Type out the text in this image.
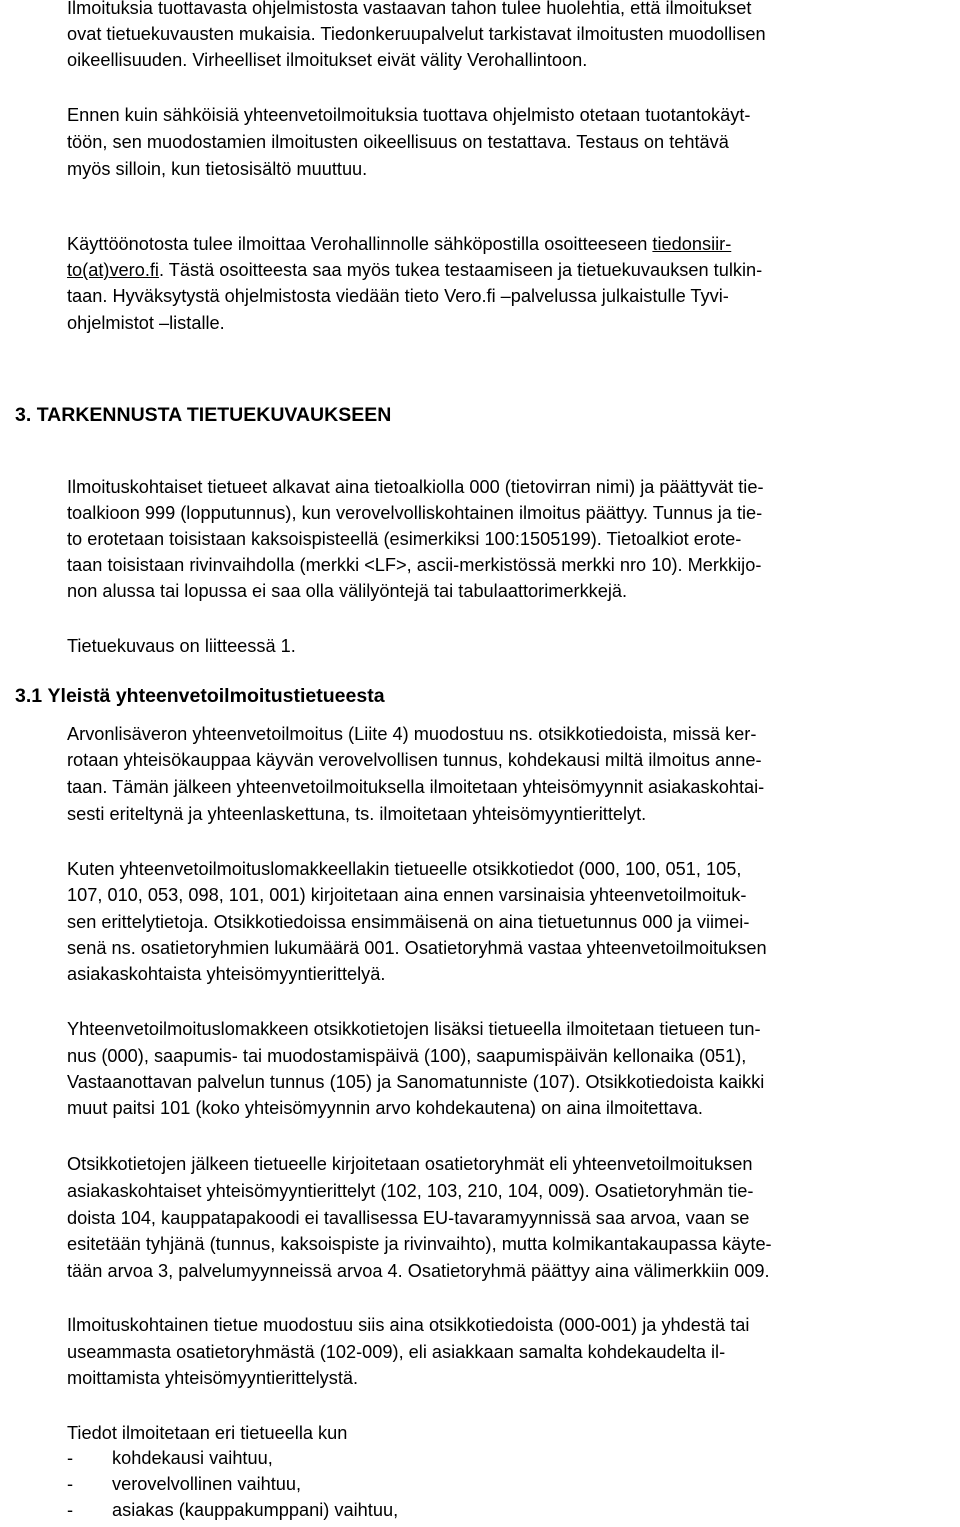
Ilmoituksia tuottavasta ohjelmistosta vastaavan tahon tulee huolehtia, että ilmoitukset

ovat tietuekuvausten mukaisia. Tiedonkeruupalvelut tarkistavat ilmoitusten muodollisen

oikeellisuuden. Virheelliset ilmoitukset eivät välity Verohallintoon.

Ennen kuin sähköisiä yhteenvetoilmoituksia tuottava ohjelmisto otetaan tuotantokäyt-

töön, sen muodostamien ilmoitusten oikeellisuus on testattava. Testaus on tehtävä

myös silloin, kun tietosisältö muuttuu.

Käyttöönotosta tulee ilmoittaa Verohallinnolle sähköpostilla osoitteeseen tiedonsiir-

to(at)vero.fi. Tästä osoitteesta saa myös tukea testaamiseen ja tietuekuvauksen tulkin-

taan. Hyväksytystä ohjelmistosta viedään tieto Vero.fi –palvelussa julkaistulle Tyvi-

ohjelmistot –listalle.

3. TARKENNUSTA TIETUEKUVAUKSEEN

Ilmoituskohtaiset tietueet alkavat aina tietoalkiolla 000 (tietovirran nimi) ja päättyvät tie-

toalkioon 999 (lopputunnus), kun verovelvolliskohtainen ilmoitus päättyy. Tunnus ja tie-

to erotetaan toisistaan kaksoispisteellä (esimerkiksi 100:1505199). Tietoalkiot erote-

taan toisistaan rivinvaihdolla (merkki <LF>, ascii-merkistössä merkki nro 10). Merkkijo-

non alussa tai lopussa ei saa olla välilyöntejä tai tabulaattorimerkkejä.

Tietuekuvaus on liitteessä 1.

3.1 Yleistä yhteenvetoilmoitustietueesta

Arvonlisäveron yhteenvetoilmoitus (Liite 4) muodostuu ns. otsikkotiedoista, missä ker-

rotaan yhteisökauppaa käyvän verovelvollisen tunnus, kohdekausi miltä ilmoitus anne-

taan. Tämän jälkeen yhteenvetoilmoituksella ilmoitetaan yhteisömyynnit asiakaskohtai-

sesti eriteltynä ja yhteenlaskettuna, ts. ilmoitetaan yhteisömyyntierittelyt.

Kuten yhteenvetoilmoituslomakkeellakin tietueelle otsikkotiedot (000, 100, 051, 105,

107, 010, 053, 098, 101, 001) kirjoitetaan aina ennen varsinaisia yhteenvetoilmoituk-

sen erittelytietoja. Otsikkotiedoissa ensimmäisenä on aina tietuetunnus 000 ja viimei-

senä ns. osatietoryhmien lukumäärä 001. Osatietoryhmä vastaa yhteenvetoilmoituksen

asiakaskohtaista yhteisömyyntierittelyä.

Yhteenvetoilmoituslomakkeen otsikkotietojen lisäksi tietueella ilmoitetaan tietueen tun-

nus (000), saapumis- tai muodostamispäivä (100), saapumispäivän kellonaika (051),

Vastaanottavan palvelun tunnus (105) ja Sanomatunniste (107). Otsikkotiedoista kaikki

muut paitsi 101 (koko yhteisömyynnin arvo kohdekautena) on aina ilmoitettava.

Otsikkotietojen jälkeen tietueelle kirjoitetaan osatietoryhmät eli yhteenvetoilmoituksen

asiakaskohtaiset yhteisömyyntierittelyt (102, 103, 210, 104, 009). Osatietoryhmän tie-

doista 104, kauppatapakoodi ei tavallisessa EU-tavaramyynnissä saa arvoa, vaan se

esitetään tyhjänä (tunnus, kaksoispiste ja rivinvaihto), mutta kolmikantakaupassa käyte-

tään arvoa 3, palvelumyynneissä arvoa 4. Osatietoryhmä päättyy aina välimerkkiin 009.

Ilmoituskohtainen tietue muodostuu siis aina otsikkotiedoista (000-001) ja yhdestä tai

useammasta osatietoryhmästä (102-009), eli asiakkaan samalta kohdekaudelta il-

moittamista yhteisömyyntierittelystä.

Tiedot ilmoitetaan eri tietueella kun

- kohdekausi vaihtuu,
- verovelvollinen vaihtuu,
- asiakas (kauppakumppani) vaihtuu,
